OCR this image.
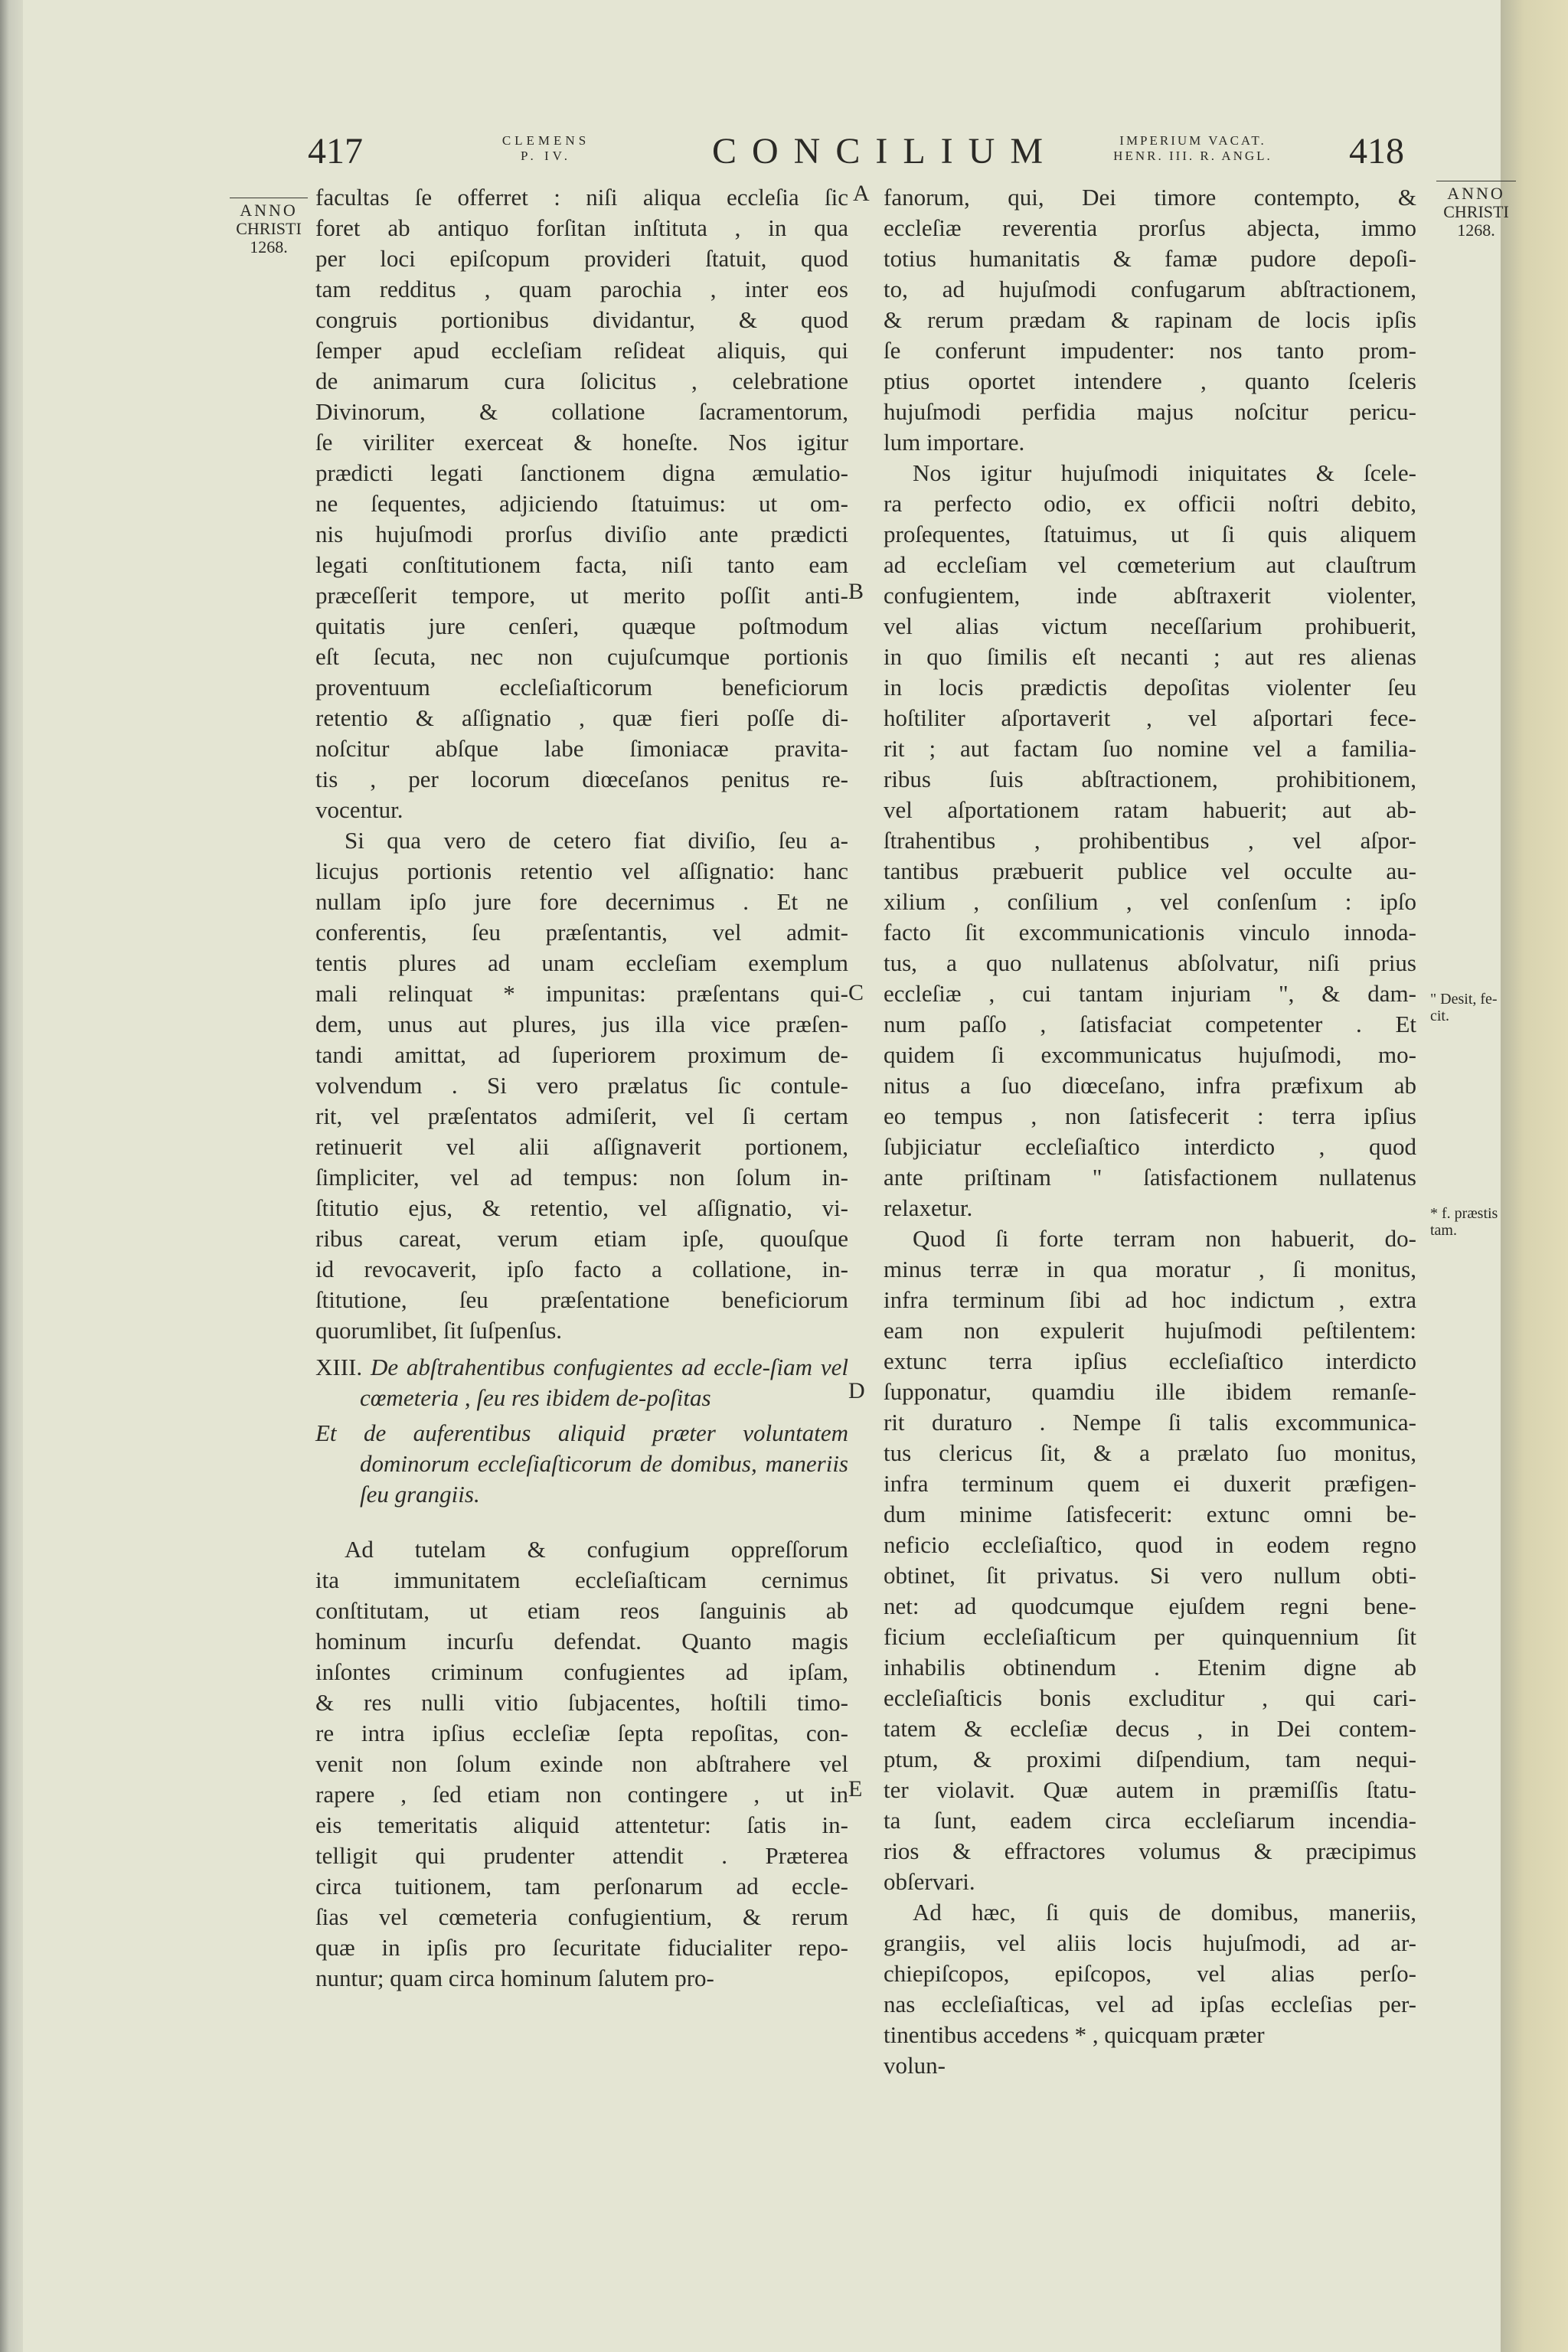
417	CLEMENS
P. IV.	CONCILIUM	IMPERIUM VACAT.
HENR. III. R. ANGL.	418
ANNO
CHRISTI
1268.
ANNO
CHRISTI
1268.
" Desit, fe-
cit.
* f. præstis
tam.
A
B
C
D
E

facultas ſe offerret : niſi aliqua eccleſia ſic

foret ab antiquo forſitan inſtituta , in qua

per loci epiſcopum provideri ſtatuit, quod

tam redditus , quam parochia , inter eos

congruis portionibus dividantur, & quod

ſemper apud eccleſiam reſideat aliquis, qui

de animarum cura ſolicitus , celebratione

Divinorum, & collatione ſacramentorum,

ſe viriliter exerceat & honeſte. Nos igitur

prædicti legati ſanctionem digna æmulatio-

ne ſequentes, adjiciendo ſtatuimus: ut om-

nis hujuſmodi prorſus diviſio ante prædicti

legati conſtitutionem facta, niſi tanto eam

præceſſerit tempore, ut merito poſſit anti-

quitatis jure cenſeri, quæque poſtmodum

eſt ſecuta, nec non cujuſcumque portionis

proventuum eccleſiaſticorum beneficiorum

retentio & aſſignatio , quæ fieri poſſe di-

noſcitur abſque labe ſimoniacæ pravita-

tis , per locorum diœceſanos penitus re-

vocentur.

Si qua vero de cetero fiat diviſio, ſeu a-

licujus portionis retentio vel aſſignatio: hanc

nullam ipſo jure fore decernimus . Et ne

conferentis, ſeu præſentantis, vel admit-

tentis plures ad unam eccleſiam exemplum

mali relinquat * impunitas: præſentans qui-

dem, unus aut plures, jus illa vice præſen-

tandi amittat, ad ſuperiorem proximum de-

volvendum . Si vero prælatus ſic contule-

rit, vel præſentatos admiſerit, vel ſi certam

retinuerit vel alii aſſignaverit portionem,

ſimpliciter, vel ad tempus: non ſolum in-

ſtitutio ejus, & retentio, vel aſſignatio, vi-

ribus careat, verum etiam ipſe, quouſque

id revocaverit, ipſo facto a collatione, in-

ſtitutione, ſeu præſentatione beneficiorum

quorumlibet, ſit ſuſpenſus.

XIII. De abſtrahentibus confugientes ad eccle-ſiam vel cœmeteria , ſeu res ibidem de-poſitas

Et de auferentibus aliquid præter voluntatem dominorum eccleſiaſticorum de domibus, maneriis ſeu grangiis.

Ad tutelam & confugium oppreſſorum

ita immunitatem eccleſiaſticam cernimus

conſtitutam, ut etiam reos ſanguinis ab

hominum incurſu defendat. Quanto magis

inſontes criminum confugientes ad ipſam,

& res nulli vitio ſubjacentes, hoſtili timo-

re intra ipſius eccleſiæ ſepta repoſitas, con-

venit non ſolum exinde non abſtrahere vel

rapere , ſed etiam non contingere , ut in

eis temeritatis aliquid attentetur: ſatis in-

telligit qui prudenter attendit . Præterea

circa tuitionem, tam perſonarum ad eccle-

ſias vel cœmeteria confugientium, & rerum

quæ in ipſis pro ſecuritate fiducialiter repo-

nuntur; quam circa hominum ſalutem pro-

fanorum, qui, Dei timore contempto, &

eccleſiæ reverentia prorſus abjecta, immo

totius humanitatis & famæ pudore depoſi-

to, ad hujuſmodi confugarum abſtractionem,

& rerum prædam & rapinam de locis ipſis

ſe conferunt impudenter: nos tanto prom-

ptius oportet intendere , quanto ſceleris

hujuſmodi perfidia majus noſcitur pericu-

lum importare.

Nos igitur hujuſmodi iniquitates & ſcele-

ra perfecto odio, ex officii noſtri debito,

proſequentes, ſtatuimus, ut ſi quis aliquem

ad eccleſiam vel cœmeterium aut clauſtrum

confugientem, inde abſtraxerit violenter,

vel alias victum neceſſarium prohibuerit,

in quo ſimilis eſt necanti ; aut res alienas

in locis prædictis depoſitas violenter ſeu

hoſtiliter aſportaverit , vel aſportari fece-

rit ; aut factam ſuo nomine vel a familia-

ribus ſuis abſtractionem, prohibitionem,

vel aſportationem ratam habuerit; aut ab-

ſtrahentibus , prohibentibus , vel aſpor-

tantibus præbuerit publice vel occulte au-

xilium , conſilium , vel conſenſum : ipſo

facto ſit excommunicationis vinculo innoda-

tus, a quo nullatenus abſolvatur, niſi prius

eccleſiæ , cui tantam injuriam ", & dam-

num paſſo , ſatisfaciat competenter . Et

quidem ſi excommunicatus hujuſmodi, mo-

nitus a ſuo diœceſano, infra præfixum ab

eo tempus , non ſatisfecerit : terra ipſius

ſubjiciatur eccleſiaſtico interdicto , quod

ante priſtinam " ſatisfactionem nullatenus

relaxetur.

Quod ſi forte terram non habuerit, do-

minus terræ in qua moratur , ſi monitus,

infra terminum ſibi ad hoc indictum , extra

eam non expulerit hujuſmodi peſtilentem:

extunc terra ipſius eccleſiaſtico interdicto

ſupponatur, quamdiu ille ibidem remanſe-

rit duraturo . Nempe ſi talis excommunica-

tus clericus ſit, & a prælato ſuo monitus,

infra terminum quem ei duxerit præfigen-

dum minime ſatisfecerit: extunc omni be-

neficio eccleſiaſtico, quod in eodem regno

obtinet, ſit privatus. Si vero nullum obti-

net: ad quodcumque ejuſdem regni bene-

ficium eccleſiaſticum per quinquennium ſit

inhabilis obtinendum . Etenim digne ab

eccleſiaſticis bonis excluditur , qui cari-

tatem & eccleſiæ decus , in Dei contem-

ptum, & proximi diſpendium, tam nequi-

ter violavit. Quæ autem in præmiſſis ſtatu-

ta ſunt, eadem circa eccleſiarum incendia-

rios & effractores volumus & præcipimus

obſervari.

Ad hæc, ſi quis de domibus, maneriis,

grangiis, vel aliis locis hujuſmodi, ad ar-

chiepiſcopos, epiſcopos, vel alias perſo-

nas eccleſiaſticas, vel ad ipſas eccleſias per-

tinentibus accedens * , quicquam præter

volun-
